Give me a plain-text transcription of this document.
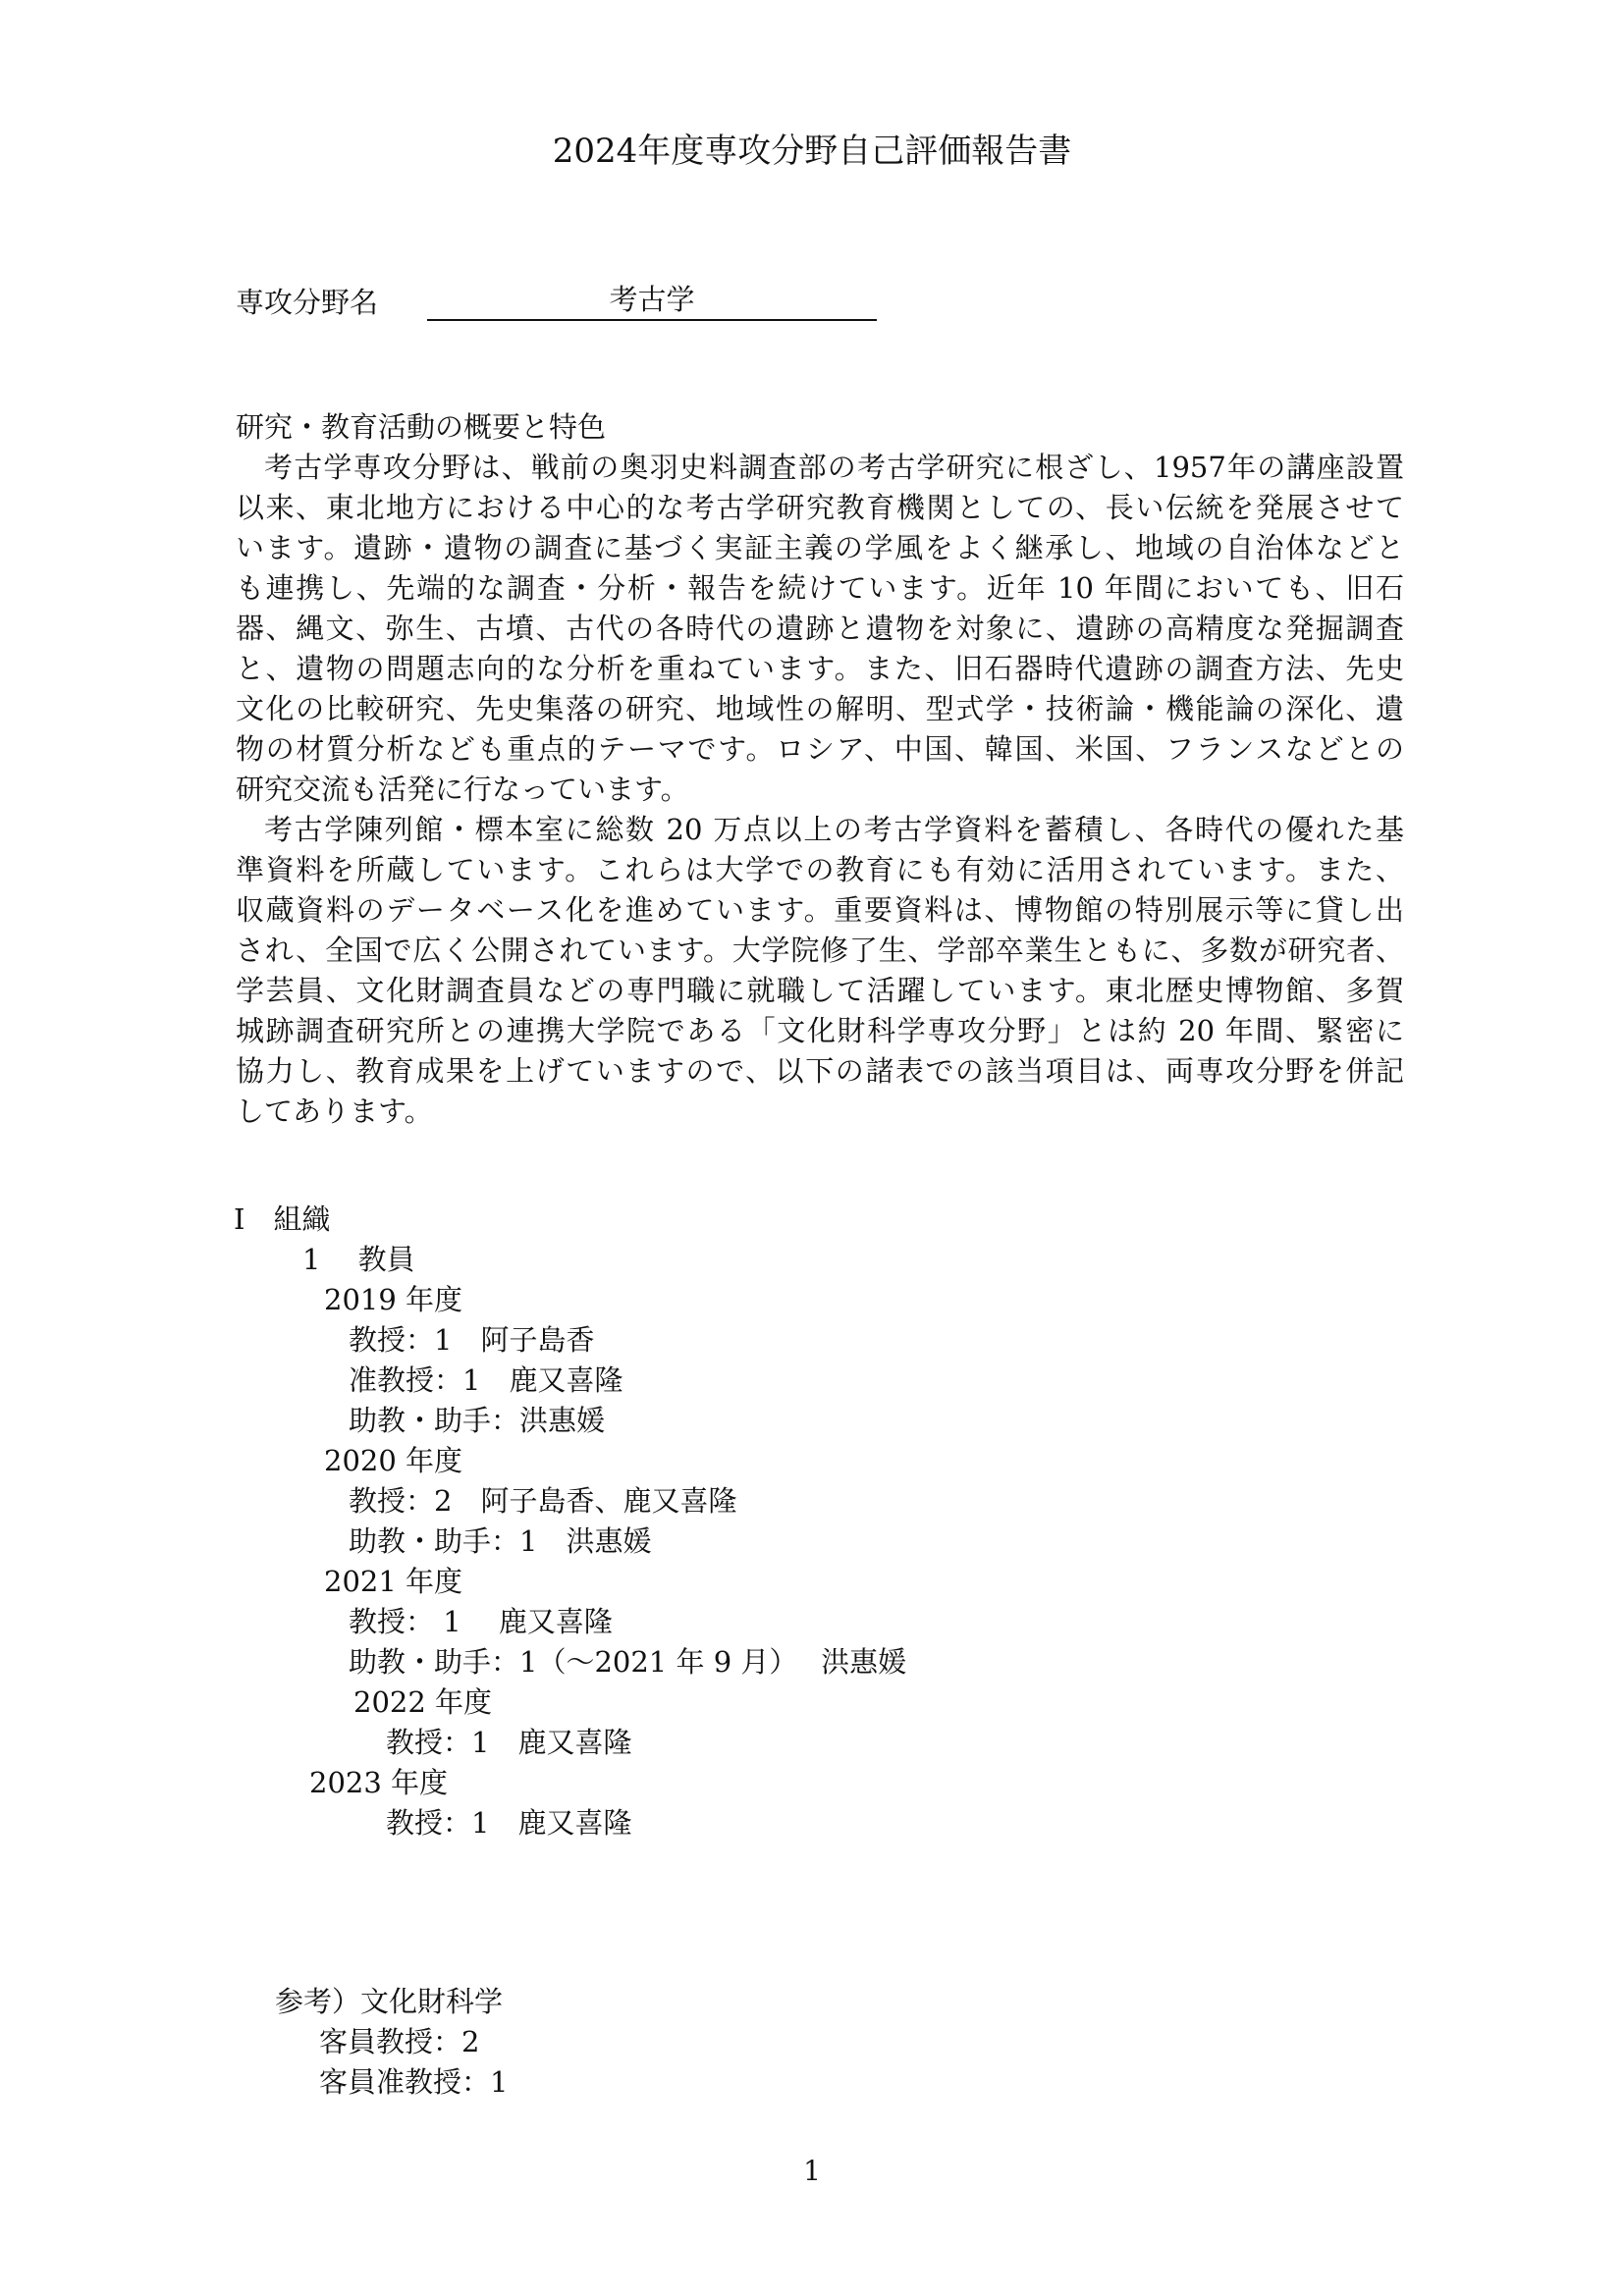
2024年度専攻分野自己評価報告書
専攻分野名	考古学
研究・教育活動の概要と特色
考古学専攻分野は、戦前の奥羽史料調査部の考古学研究に根ざし、1957年の講座設置
以来、東北地方における中心的な考古学研究教育機関としての、長い伝統を発展させて
います。遺跡・遺物の調査に基づく実証主義の学風をよく継承し、地域の自治体などと
も連携し、先端的な調査・分析・報告を続けています。近年 10 年間においても、旧石
器、縄文、弥生、古墳、古代の各時代の遺跡と遺物を対象に、遺跡の高精度な発掘調査
と、遺物の問題志向的な分析を重ねています。また、旧石器時代遺跡の調査方法、先史
文化の比較研究、先史集落の研究、地域性の解明、型式学・技術論・機能論の深化、遺
物の材質分析なども重点的テーマです。ロシア、中国、韓国、米国、フランスなどとの
研究交流も活発に行なっています。
考古学陳列館・標本室に総数 20 万点以上の考古学資料を蓄積し、各時代の優れた基
準資料を所蔵しています。これらは大学での教育にも有効に活用されています。また、
収蔵資料のデータベース化を進めています。重要資料は、博物館の特別展示等に貸し出
され、全国で広く公開されています。大学院修了生、学部卒業生ともに、多数が研究者、
学芸員、文化財調査員などの専門職に就職して活躍しています。東北歴史博物館、多賀
城跡調査研究所との連携大学院である「文化財科学専攻分野」とは約 20 年間、緊密に
協力し、教育成果を上げていますので、以下の諸表での該当項目は、両専攻分野を併記
してあります。
I　組織
1　 教員
2019 年度
教授：1　阿子島香
准教授：1　鹿又喜隆
助教・助手：洪惠媛
2020 年度
教授：2　阿子島香、鹿又喜隆
助教・助手：1　洪惠媛
2021 年度
教授： 1 　鹿又喜隆
助教・助手：1（～2021 年 9 月）　 洪惠媛
2022 年度
教授：1　鹿又喜隆
2023 年度
教授：1　鹿又喜隆
参考）文化財科学
客員教授：2
客員准教授：1
1
